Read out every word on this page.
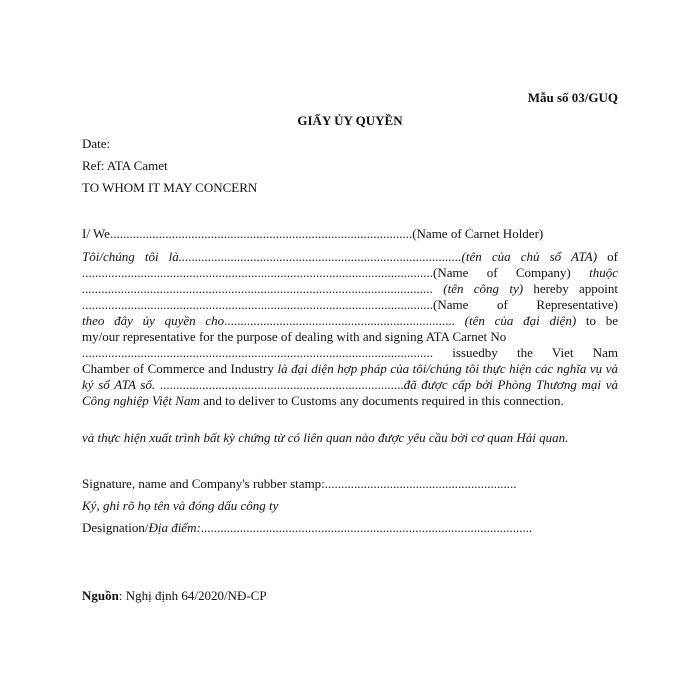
Mẫu số 03/GUQ
GIẤY ỦY QUYỀN
Date:
Ref: ATA Camet
TO WHOM IT MAY CONCERN
I/ We.............................................................................................(Name of Carnet Holder)
Tôi/chúng tôi là.......................................................................................(tên của chủ sổ ATA) of
............................................................................................................(Name of Company) thuộc
............................................................................................................ (tên công ty) hereby appoint
............................................................................................................(Name of Representative)
theo đây ủy quyền cho....................................................................... (tên của đại diện) to be
my/our representative for the purpose of dealing with and signing ATA Carnet No
............................................................................................................ issuedby the Viet Nam
Chamber of Commerce and Industry là đại diện hợp pháp của tôi/chúng tôi thực hiện các nghĩa vụ và ký sổ ATA số. ...........................................................................đã được cấp bởi Phòng Thương mại và Công nghiệp Việt Nam and to deliver to Customs any documents required in this connection.
và thực hiện xuất trình bất kỳ chứng từ có liên quan nào được yêu cầu bởi cơ quan Hải quan.
Signature, name and Company's rubber stamp:...........................................................
Ký, ghi rõ họ tên và đóng dấu công ty
Designation/Địa điểm:......................................................................................................
Nguồn: Nghị định 64/2020/NĐ-CP
